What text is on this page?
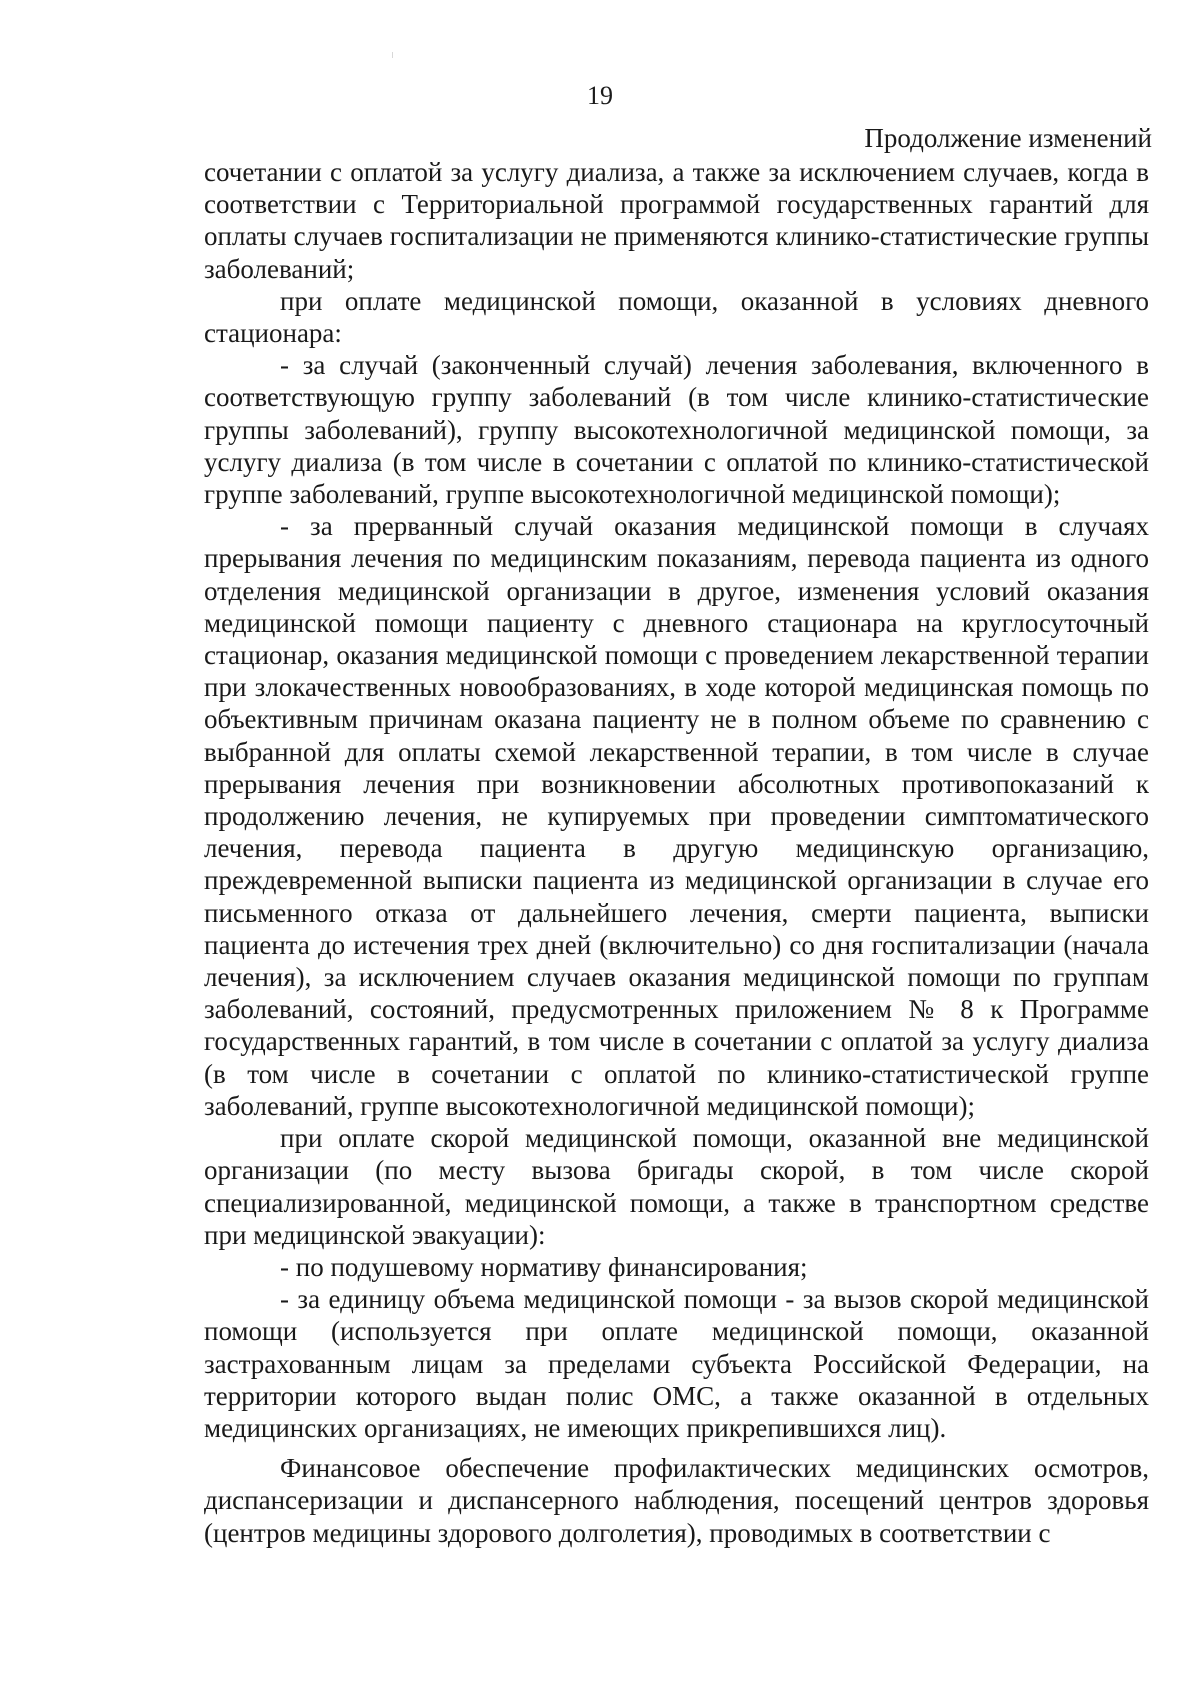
19
Продолжение изменений

сочетании с оплатой за услугу диализа, а также за исключением случаев, когда в соответствии с Территориальной программой государственных гарантий для оплаты случаев госпитализации не применяются клинико-статистические группы заболеваний;

при оплате медицинской помощи, оказанной в условиях дневного стационара:

- за случай (законченный случай) лечения заболевания, включенного в соответствующую группу заболеваний (в том числе клинико-статистические группы заболеваний), группу высокотехнологичной медицинской помощи, за услугу диализа (в том числе в сочетании с оплатой по клинико-статистической группе заболеваний, группе высокотехнологичной медицинской помощи);

- за прерванный случай оказания медицинской помощи в случаях прерывания лечения по медицинским показаниям, перевода пациента из одного отделения медицинской организации в другое, изменения условий оказания медицинской помощи пациенту с дневного стационара на круглосуточный стационар, оказания медицинской помощи с проведением лекарственной терапии при злокачественных новообразованиях, в ходе которой медицинская помощь по объективным причинам оказана пациенту не в полном объеме по сравнению с выбранной для оплаты схемой лекарственной терапии, в том числе в случае прерывания лечения при возникновении абсолютных противопоказаний к продолжению лечения, не купируемых при проведении симптоматического лечения, перевода пациента в другую медицинскую организацию, преждевременной выписки пациента из медицинской организации в случае его письменного отказа от дальнейшего лечения, смерти пациента, выписки пациента до истечения трех дней (включительно) со дня госпитализации (начала лечения), за исключением случаев оказания медицинской помощи по группам заболеваний, состояний, предусмотренных приложением № 8 к Программе государственных гарантий, в том числе в сочетании с оплатой за услугу диализа (в том числе в сочетании с оплатой по клинико-статистической группе заболеваний, группе высокотехнологичной медицинской помощи);

при оплате скорой медицинской помощи, оказанной вне медицинской организации (по месту вызова бригады скорой, в том числе скорой специализированной, медицинской помощи, а также в транспортном средстве при медицинской эвакуации):

- по подушевому нормативу финансирования;

- за единицу объема медицинской помощи - за вызов скорой медицинской помощи (используется при оплате медицинской помощи, оказанной застрахованным лицам за пределами субъекта Российской Федерации, на территории которого выдан полис ОМС, а также оказанной в отдельных медицинских организациях, не имеющих прикрепившихся лиц).

Финансовое обеспечение профилактических медицинских осмотров, диспансеризации и диспансерного наблюдения, посещений центров здоровья (центров медицины здорового долголетия), проводимых в соответствии с
